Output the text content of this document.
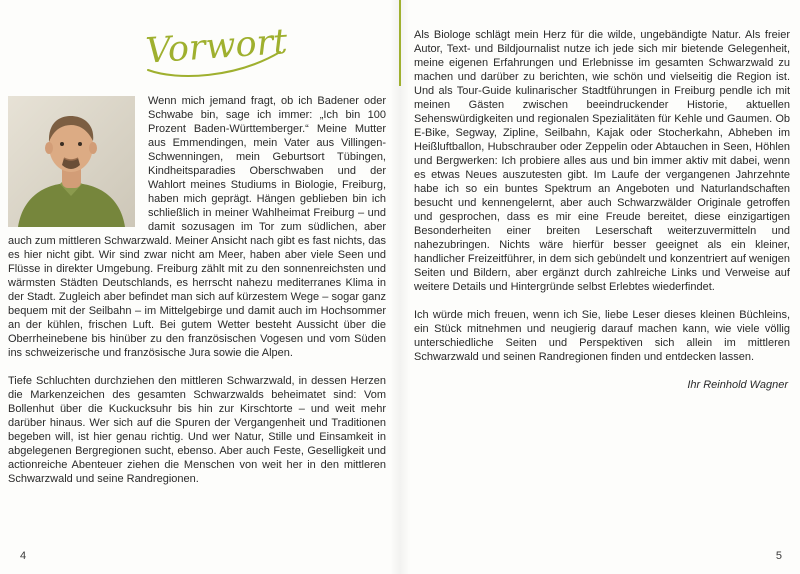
Vorwort

Wenn mich jemand fragt, ob ich Badener oder Schwabe bin, sage ich immer: „Ich bin 100 Prozent Baden-Württemberger.“ Meine Mutter aus Emmendingen, mein Vater aus Villingen-Schwenningen, mein Geburtsort Tübingen, Kindheitsparadies Oberschwaben und der Wahlort meines Studiums in Biologie, Freiburg, haben mich geprägt. Hängen geblieben bin ich schließlich in meiner Wahlheimat Freiburg – und damit sozusagen im Tor zum südlichen, aber auch zum mittleren Schwarzwald. Meiner Ansicht nach gibt es fast nichts, das es hier nicht gibt. Wir sind zwar nicht am Meer, haben aber viele Seen und Flüsse in direkter Umgebung. Freiburg zählt mit zu den sonnenreichsten und wärmsten Städten Deutschlands, es herrscht nahezu mediterranes Klima in der Stadt. Zugleich aber befindet man sich auf kürzestem Wege – sogar ganz bequem mit der Seilbahn – im Mittelgebirge und damit auch im Hochsommer an der kühlen, frischen Luft. Bei gutem Wetter besteht Aussicht über die Oberrheinebene bis hinüber zu den französischen Vogesen und vom Süden ins schweizerische und französische Jura sowie die Alpen.

Tiefe Schluchten durchziehen den mittleren Schwarzwald, in dessen Herzen die Markenzeichen des gesamten Schwarzwalds beheimatet sind: Vom Bollenhut über die Kuckucksuhr bis hin zur Kirschtorte – und weit mehr darüber hinaus. Wer sich auf die Spuren der Vergangenheit und Traditionen begeben will, ist hier genau richtig. Und wer Natur, Stille und Einsamkeit in abgelegenen Bergregionen sucht, ebenso. Aber auch Feste, Geselligkeit und actionreiche Abenteuer ziehen die Menschen von weit her in den mittleren Schwarzwald und seine Randregionen.

4

Als Biologe schlägt mein Herz für die wilde, ungebändigte Natur. Als freier Autor, Text- und Bildjournalist nutze ich jede sich mir bietende Gelegenheit, meine eigenen Erfahrungen und Erlebnisse im gesamten Schwarzwald zu machen und darüber zu berichten, wie schön und vielseitig die Region ist. Und als Tour-Guide kulinarischer Stadtführungen in Freiburg pendle ich mit meinen Gästen zwischen beeindruckender Historie, aktuellen Sehenswürdigkeiten und regionalen Spezialitäten für Kehle und Gaumen. Ob E-Bike, Segway, Zipline, Seilbahn, Kajak oder Stocherkahn, Abheben im Heißluftballon, Hubschrauber oder Zeppelin oder Abtauchen in Seen, Höhlen und Bergwerken: Ich probiere alles aus und bin immer aktiv mit dabei, wenn es etwas Neues auszutesten gibt. Im Laufe der vergangenen Jahrzehnte habe ich so ein buntes Spektrum an Angeboten und Naturlandschaften besucht und kennengelernt, aber auch Schwarzwälder Originale getroffen und gesprochen, dass es mir eine Freude bereitet, diese einzigartigen Besonderheiten einer breiten Leserschaft weiterzuvermitteln und nahezubringen. Nichts wäre hierfür besser geeignet als ein kleiner, handlicher Freizeitführer, in dem sich gebündelt und konzentriert auf wenigen Seiten und Bildern, aber ergänzt durch zahlreiche Links und Verweise auf weitere Details und Hintergründe selbst Erlebtes wiederfindet.

Ich würde mich freuen, wenn ich Sie, liebe Leser dieses kleinen Büchleins, ein Stück mitnehmen und neugierig darauf machen kann, wie viele völlig unterschiedliche Seiten und Perspektiven sich allein im mittleren Schwarzwald und seinen Randregionen finden und entdecken lassen.

Ihr Reinhold Wagner

5
